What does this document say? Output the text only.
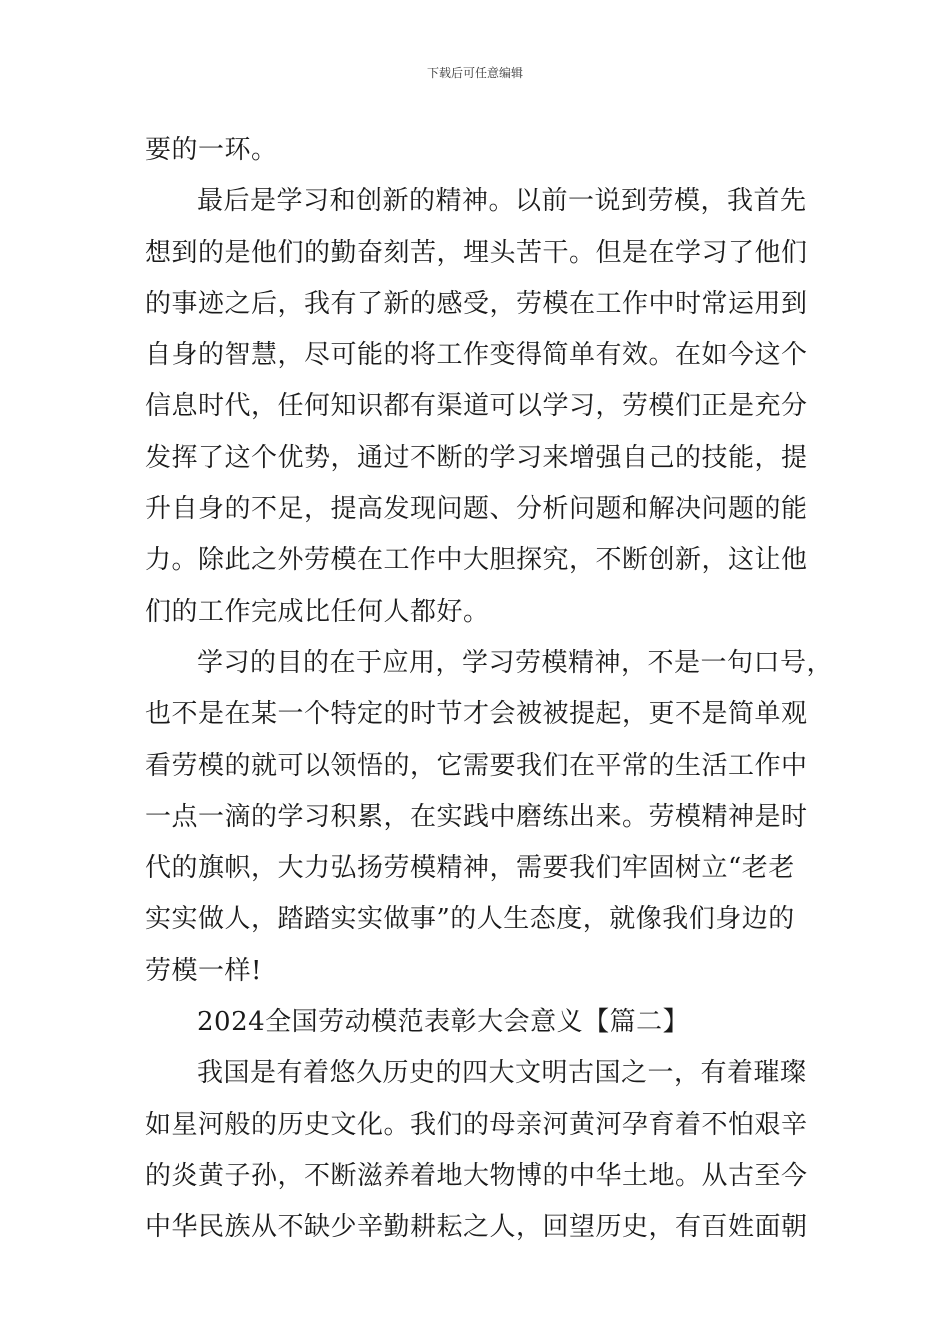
下载后可任意编辑
要的一环。
最后是学习和创新的精神。以前一说到劳模，我首先
想到的是他们的勤奋刻苦，埋头苦干。但是在学习了他们
的事迹之后，我有了新的感受，劳模在工作中时常运用到
自身的智慧，尽可能的将工作变得简单有效。在如今这个
信息时代，任何知识都有渠道可以学习，劳模们正是充分
发挥了这个优势，通过不断的学习来增强自己的技能，提
升自身的不足，提高发现问题、分析问题和解决问题的能
力。除此之外劳模在工作中大胆探究，不断创新，这让他
们的工作完成比任何人都好。
学习的目的在于应用，学习劳模精神，不是一句口号，
也不是在某一个特定的时节才会被被提起，更不是简单观
看劳模的就可以领悟的，它需要我们在平常的生活工作中
一点一滴的学习积累，在实践中磨练出来。劳模精神是时
代的旗帜，大力弘扬劳模精神，需要我们牢固树立“老老
实实做人，踏踏实实做事”的人生态度，就像我们身边的
劳模一样!
2024全国劳动模范表彰大会意义【篇二】
我国是有着悠久历史的四大文明古国之一，有着璀璨
如星河般的历史文化。我们的母亲河黄河孕育着不怕艰辛
的炎黄子孙，不断滋养着地大物博的中华土地。从古至今
中华民族从不缺少辛勤耕耘之人，回望历史，有百姓面朝
